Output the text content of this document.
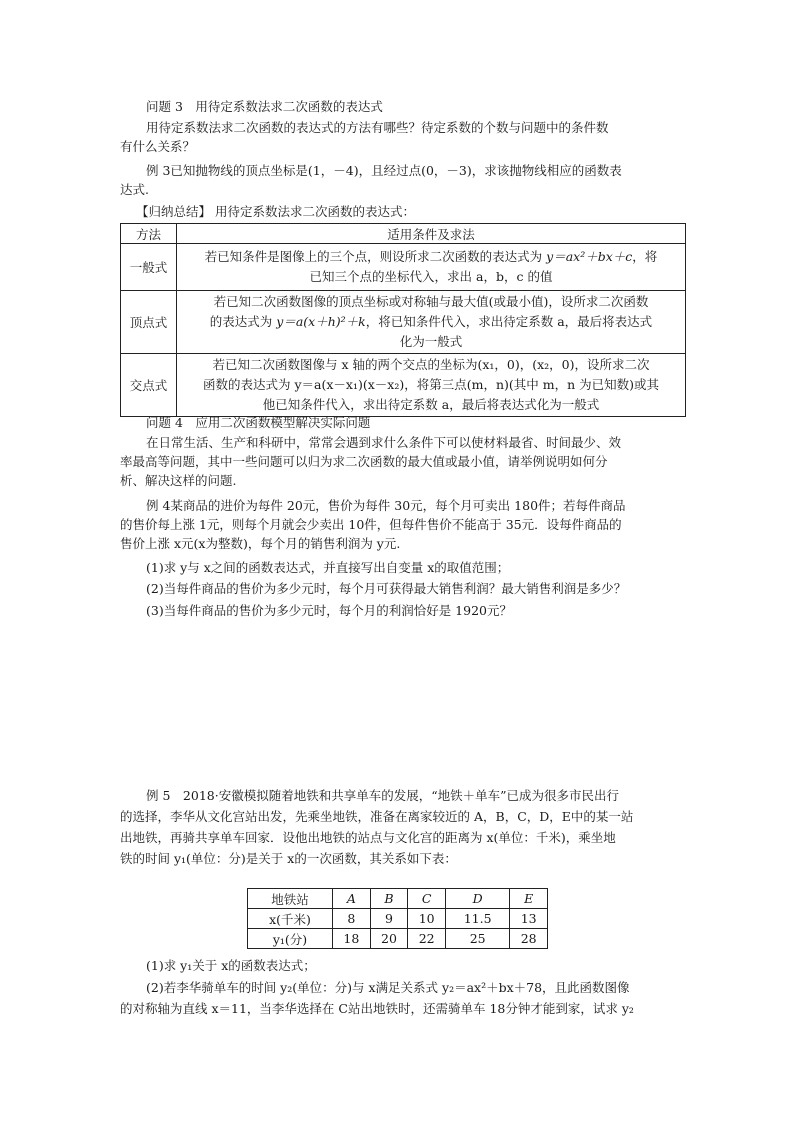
问题 3　用待定系数法求二次函数的表达式
用待定系数法求二次函数的表达式的方法有哪些？待定系数的个数与问题中的条件数
有什么关系？
例 3已知抛物线的顶点坐标是(1，－4)，且经过点(0，－3)，求该抛物线相应的函数表
达式.
【归纳总结】 用待定系数法求二次函数的表达式：
方法	适用条件及求法
一般式	若已知条件是图像上的三个点，则设所求二次函数的表达式为 y＝ax²＋bx＋c，将
已知三个点的坐标代入，求出 a，b，c 的值

顶点式	若已知二次函数图像的顶点坐标或对称轴与最大值(或最小值)，设所求二次函数
的表达式为 y＝a(x＋h)²＋k，将已知条件代入，求出待定系数 a，最后将表达式
化为一般式

交点式	若已知二次函数图像与 x 轴的两个交点的坐标为(x₁，0)，(x₂，0)，设所求二次
函数的表达式为 y＝a(x－x₁)(x－x₂)，将第三点(m，n)(其中 m，n 为已知数)或其
他已知条件代入，求出待定系数 a，最后将表达式化为一般式
问题 4　应用二次函数模型解决实际问题
在日常生活、生产和科研中，常常会遇到求什么条件下可以使材料最省、时间最少、效
率最高等问题，其中一些问题可以归为求二次函数的最大值或最小值，请举例说明如何分
析、解决这样的问题.
例 4某商品的进价为每件 20元，售价为每件 30元，每个月可卖出 180件；若每件商品
的售价每上涨 1元，则每个月就会少卖出 10件，但每件售价不能高于 35元．设每件商品的
售价上涨 x元(x为整数)，每个月的销售利润为 y元.
(1)求 y与 x之间的函数表达式，并直接写出自变量 x的取值范围；
(2)当每件商品的售价为多少元时，每个月可获得最大销售利润？最大销售利润是多少？
(3)当每件商品的售价为多少元时，每个月的利润恰好是 1920元？
例 5　2018·安徽模拟随着地铁和共享单车的发展，“地铁＋单车”已成为很多市民出行
的选择，李华从文化宫站出发，先乘坐地铁，准备在离家较近的 A，B，C，D，E中的某一站
出地铁，再骑共享单车回家．设他出地铁的站点与文化宫的距离为 x(单位：千米)，乘坐地
铁的时间 y₁(单位：分)是关于 x的一次函数，其关系如下表：
地铁站	A	B	C	D	E
x(千米)	8	9	10	11.5	13
y₁(分)	18	20	22	25	28
(1)求 y₁关于 x的函数表达式；
(2)若李华骑单车的时间 y₂(单位：分)与 x满足关系式 y₂＝ax²＋bx＋78，且此函数图像
的对称轴为直线 x＝11，当李华选择在 C站出地铁时，还需骑单车 18分钟才能到家，试求 y₂
